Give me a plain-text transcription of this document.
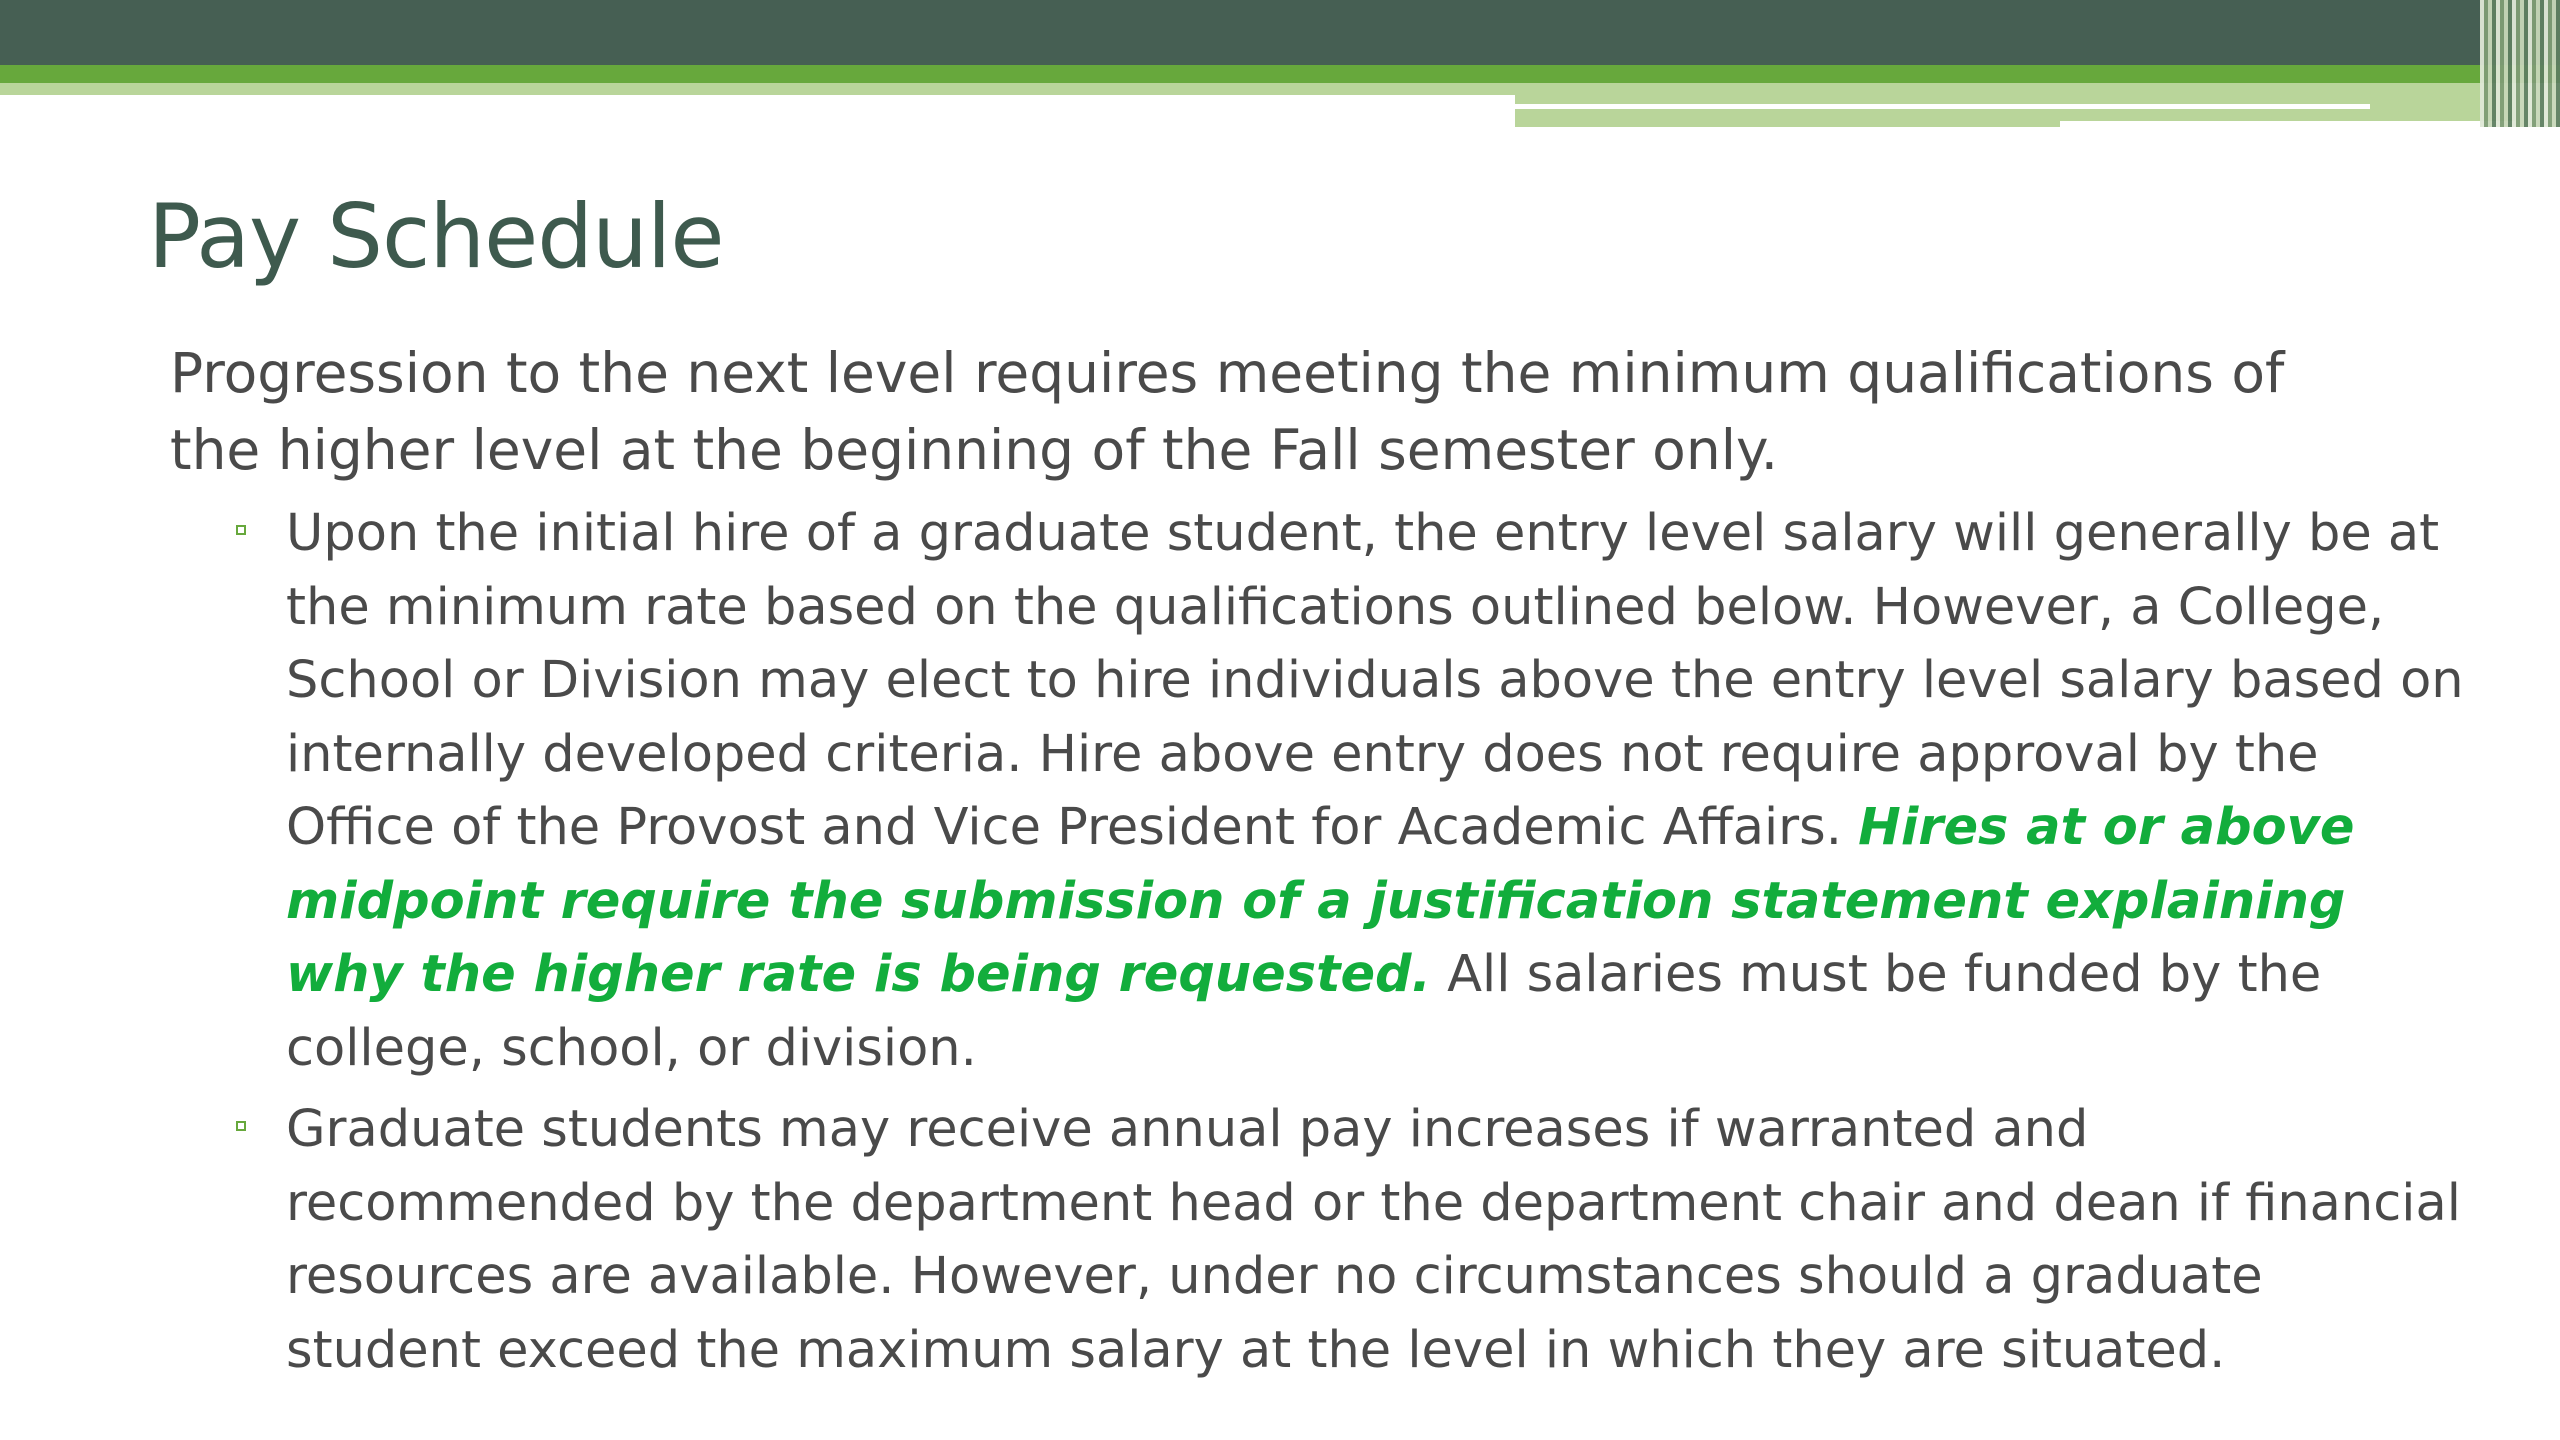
Pay Schedule

Progression to the next level requires meeting the minimum qualifications of the higher level at the beginning of the Fall semester only.

Upon the initial hire of a graduate student, the entry level salary will generally be at the minimum rate based on the qualifications outlined below. However, a College, School or Division may elect to hire individuals above the entry level salary based on internally developed criteria. Hire above entry does not require approval by the Office of the Provost and Vice President for Academic Affairs. Hires at or above midpoint require the submission of a justification statement explaining why the higher rate is being requested. All salaries must be funded by the college, school, or division.
Graduate students may receive annual pay increases if warranted and recommended by the department head or the department chair and dean if financial resources are available. However, under no circumstances should a graduate student exceed the maximum salary at the level in which they are situated.
